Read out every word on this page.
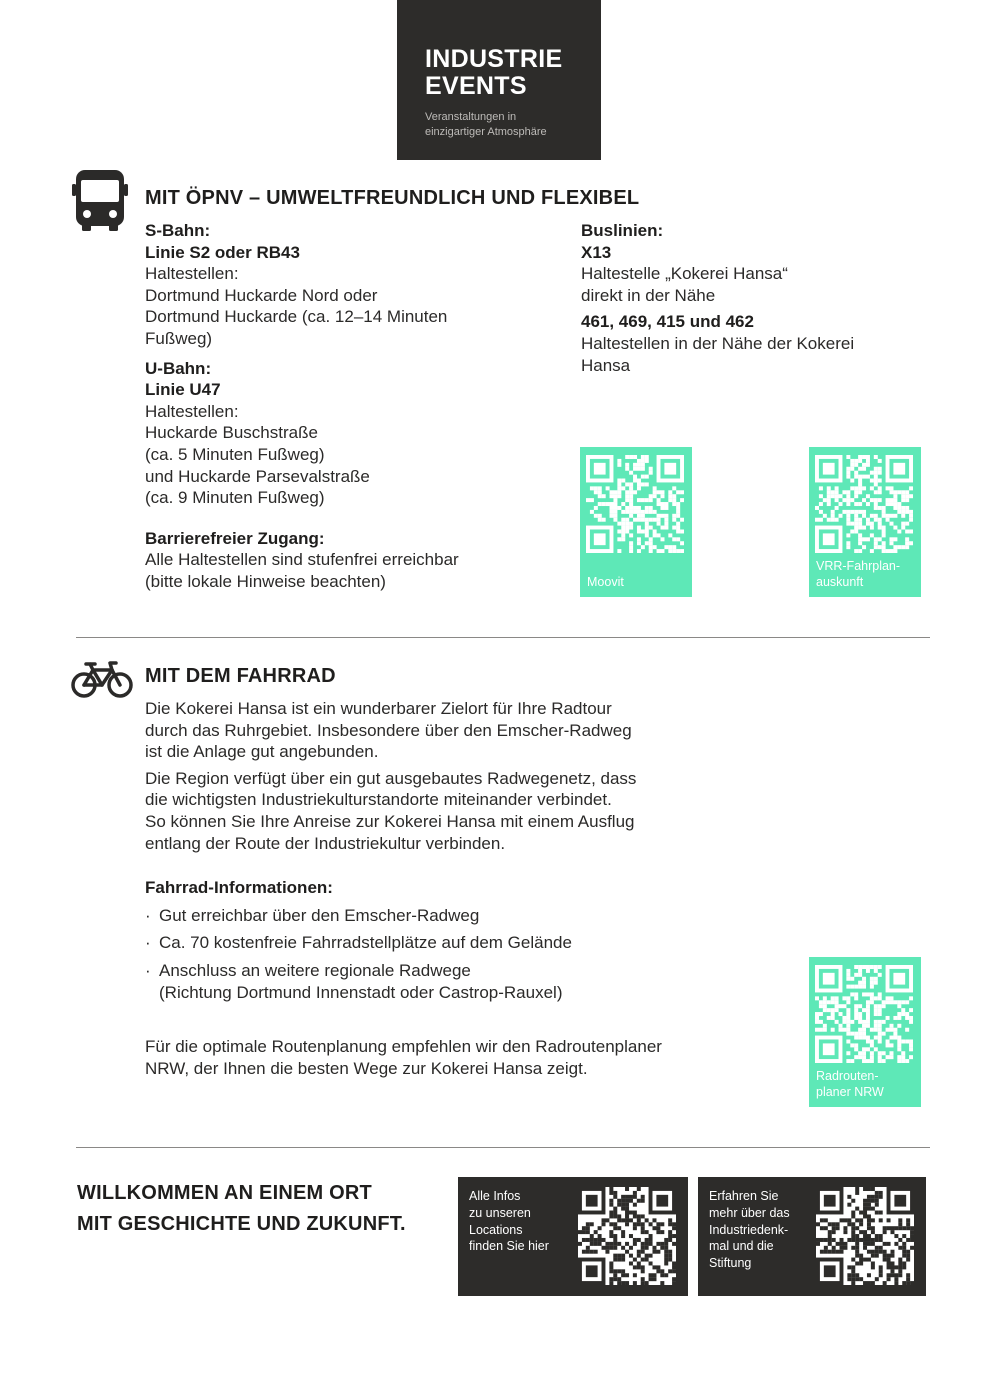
INDUSTRIE
EVENTS
Veranstaltungen in
einzigartiger Atmosphäre
MIT ÖPNV – UMWELTFREUNDLICH UND FLEXIBEL
S-Bahn:
Linie S2 oder RB43
Haltestellen:
Dortmund Huckarde Nord oder
Dortmund Huckarde (ca. 12–14 Minuten
Fußweg)
U-Bahn:
Linie U47
Haltestellen:
Huckarde Buschstraße
(ca. 5 Minuten Fußweg)
und Huckarde Parsevalstraße
(ca. 9 Minuten Fußweg)
Barrierefreier Zugang:
Alle Haltestellen sind stufenfrei erreichbar
(bitte lokale Hinweise beachten)
Buslinien:
X13
Haltestelle „Kokerei Hansa“
direkt in der Nähe
461, 469, 415 und 462
Haltestellen in der Nähe der Kokerei
Hansa
Moovit
VRR-Fahrplan-
auskunft
MIT DEM FAHRRAD
Die Kokerei Hansa ist ein wunderbarer Zielort für Ihre Radtour
durch das Ruhrgebiet. Insbesondere über den Emscher-Radweg
ist die Anlage gut angebunden.
Die Region verfügt über ein gut ausgebautes Radwegenetz, dass
die wichtigsten Industriekulturstandorte miteinander verbindet.
So können Sie Ihre Anreise zur Kokerei Hansa mit einem Ausflug
entlang der Route der Industriekultur verbinden.
Fahrrad-Informationen:
· Gut erreichbar über den Emscher-Radweg
· Ca. 70 kostenfreie Fahrradstellplätze auf dem Gelände
· Anschluss an weitere regionale Radwege
(Richtung Dortmund Innenstadt oder Castrop-Rauxel)
Für die optimale Routenplanung empfehlen wir den Radroutenplaner
NRW, der Ihnen die besten Wege zur Kokerei Hansa zeigt.	Radrouten-
planer NRW
WILLKOMMEN AN EINEM ORT
MIT GESCHICHTE UND ZUKUNFT.
Alle Infos
zu unseren
Locations
finden Sie hier
Erfahren Sie
mehr über das
Industriedenk-
mal und die
Stiftung
